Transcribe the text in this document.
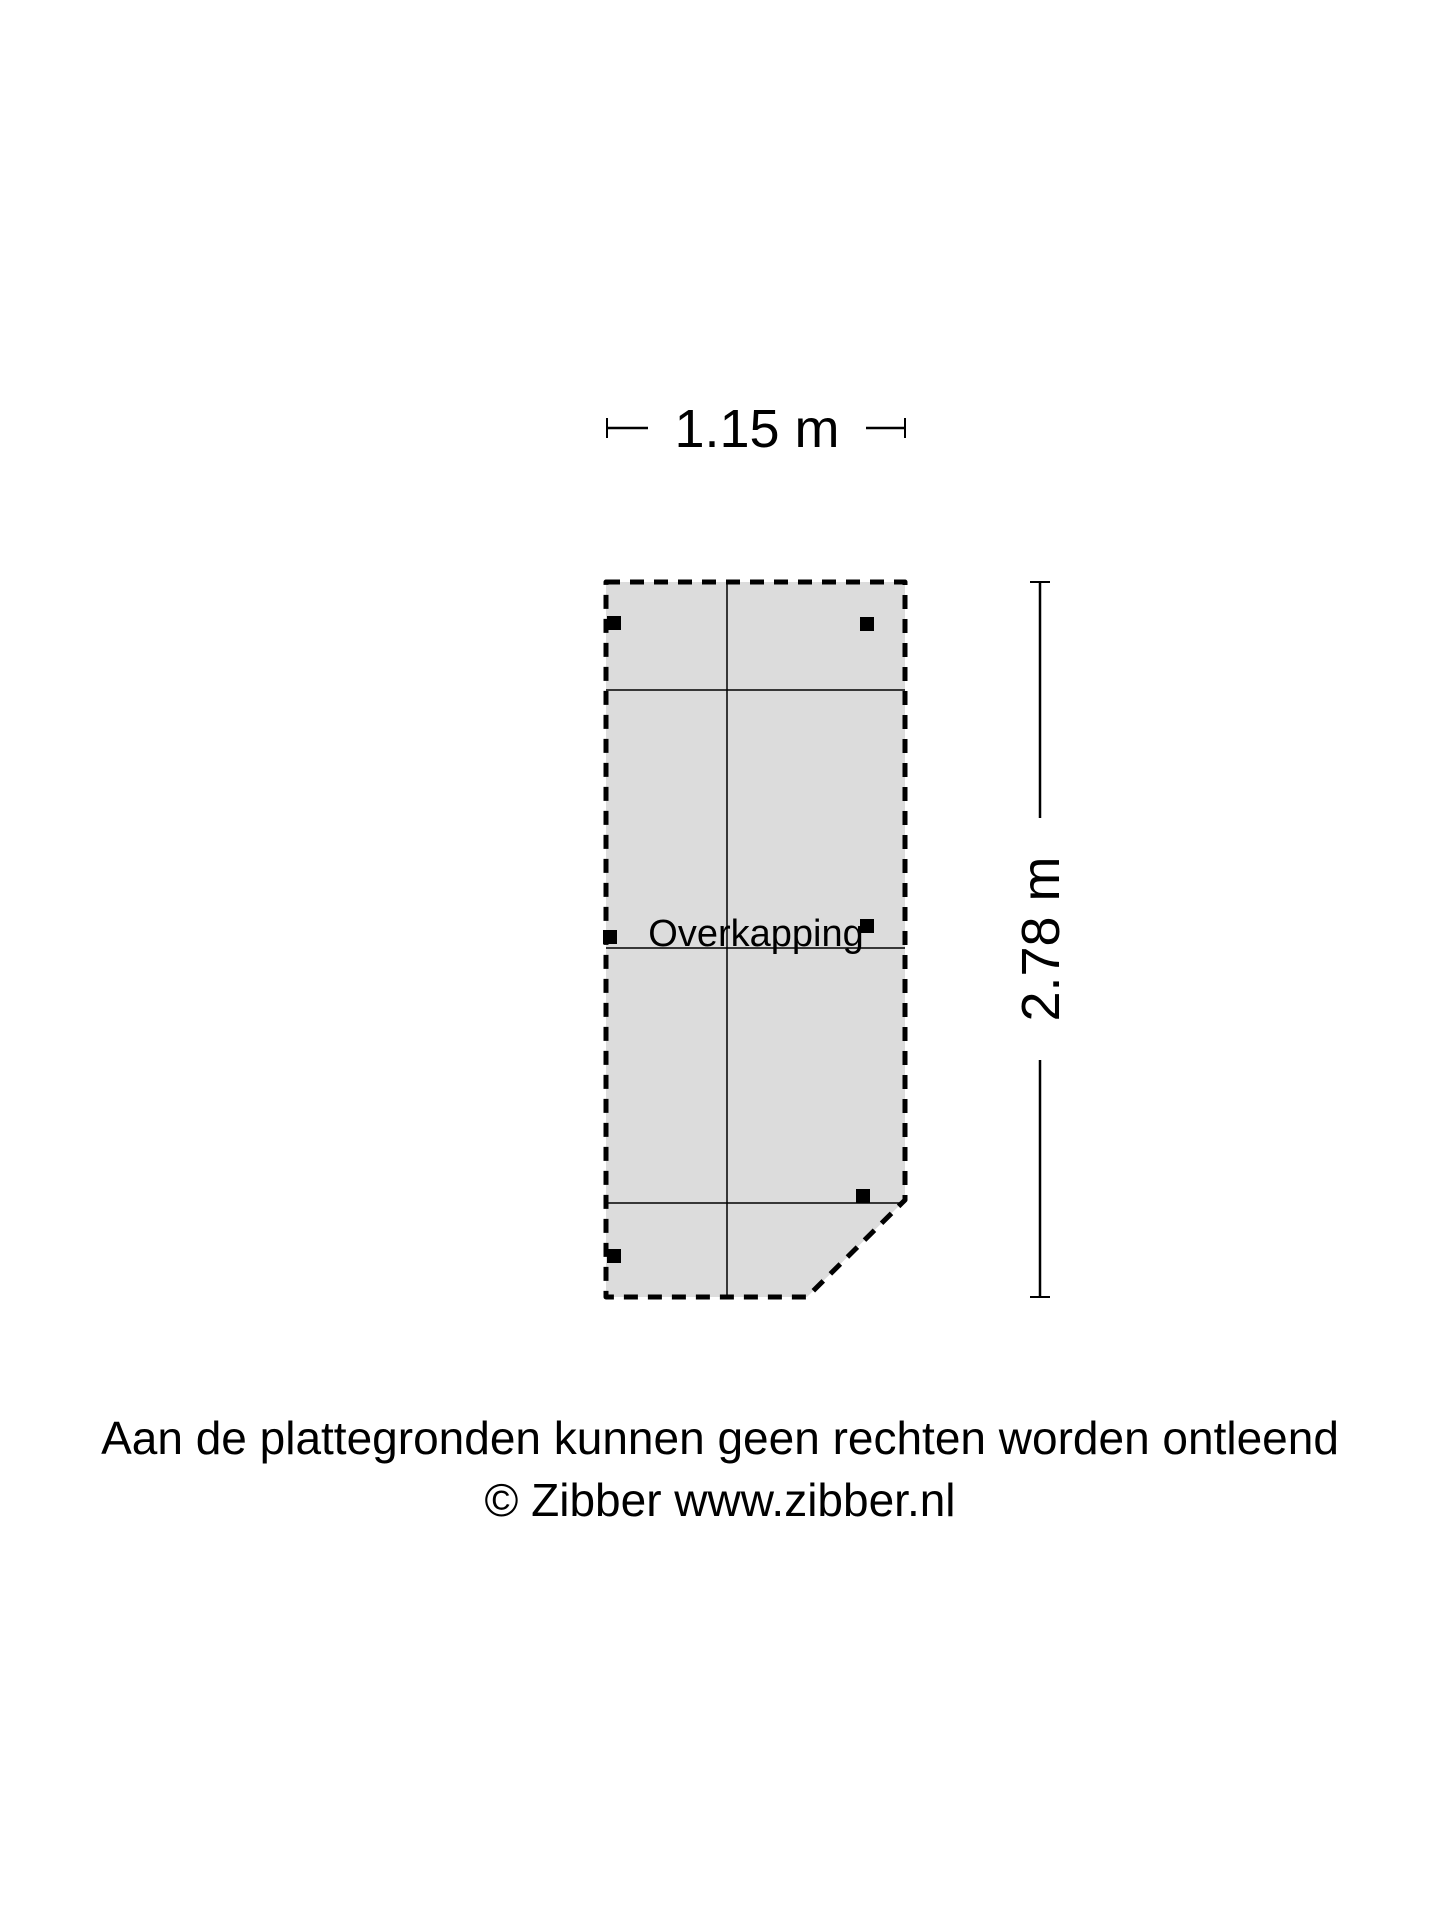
1.15 m
2.78 m
Overkapping
Aan de plattegronden kunnen geen rechten worden ontleend
© Zibber www.zibber.nl
